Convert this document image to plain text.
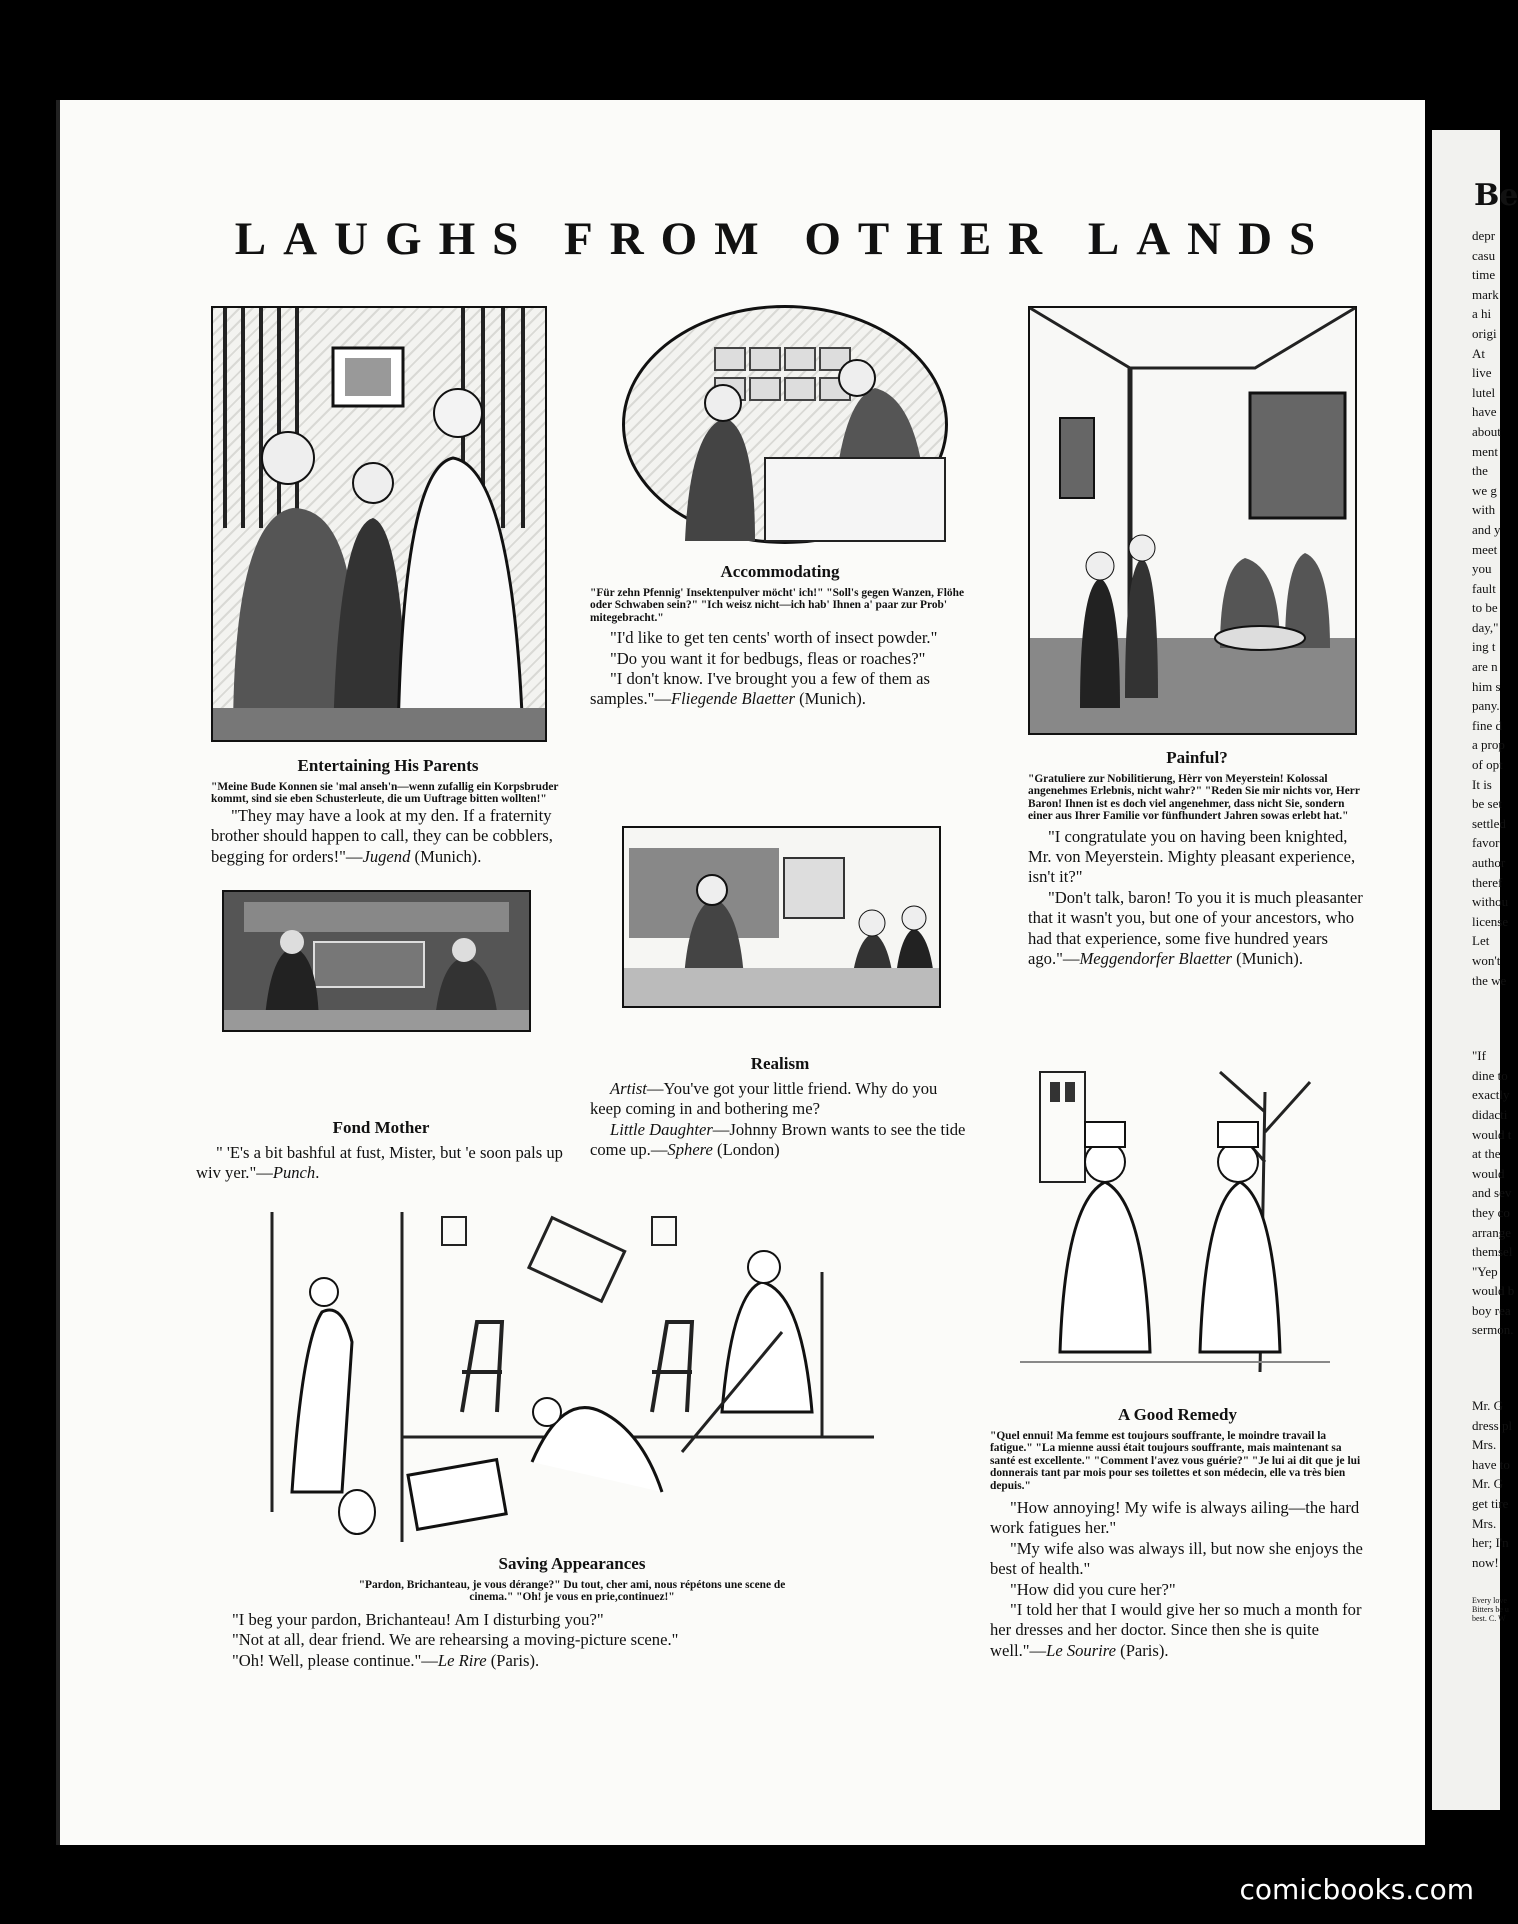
Be
depr
casu
time
mark
a hi
origi
At
live
lutel
have
about
ment
the
we g
with
and y
meet
you
fault
to be
day,"
ing t
are n
him s
pany.
fine d
a prop
of opt
It is
be set
settled
favor
author
theref
withou
license
Let
won't
the we
"If
dine to
exactly
didacti
would t
at the
would
and sev
they co
arrange
themsel
"Yep
would b
boy rea
sermon.
Mr. G
dress pl
Mrs.
have to
Mr. G
get tire
Mrs.
her; I'n
now!
Every love
Bitters be u
best. C. W
LAUGHS FROM OTHER LANDS
Entertaining His Parents
"Meine Bude Konnen sie 'mal anseh'n—wenn zufallig ein Korpsbruder kommt, sind sie eben Schusterleute, die um Uuftrage bitten wollten!"

"They may have a look at my den. If a fraternity brother should happen to call, they can be cobblers, begging for orders!"—Jugend (Munich).

Accommodating
"Für zehn Pfennig' Insektenpulver möcht' ich!" "Soll's gegen Wanzen, Flöhe oder Schwaben sein?" "Ich weisz nicht—ich hab' Ihnen a' paar zur Prob' mitegebracht."

"I'd like to get ten cents' worth of insect powder."

"Do you want it for bedbugs, fleas or roaches?"

"I don't know. I've brought you a few of them as samples."—Fliegende Blaetter (Munich).

Painful?
"Gratuliere zur Nobilitierung, Hèrr von Meyerstein! Kolossal angenehmes Erlebnis, nicht wahr?" "Reden Sie mir nichts vor, Herr Baron! Ihnen ist es doch viel angenehmer, dass nicht Sie, sondern einer aus Ihrer Familie vor fünfhundert Jahren sowas erlebt hat."

"I congratulate you on having been knighted, Mr. von Meyerstein. Mighty pleasant experience, isn't it?"

"Don't talk, baron! To you it is much pleasanter that it wasn't you, but one of your ancestors, who had that experience, some five hundred years ago."—Meggendorfer Blaetter (Munich).

Fond Mother

" 'E's a bit bashful at fust, Mister, but 'e soon pals up wiv yer."—Punch.

Realism

Artist—You've got your little friend. Why do you keep coming in and bothering me?

Little Daughter—Johnny Brown wants to see the tide come up.—Sphere (London)

A Good Remedy
"Quel ennui! Ma femme est toujours souffrante, le moindre travail la fatigue." "La mienne aussi était toujours souffrante, mais maintenant sa santé est excellente." "Comment l'avez vous guérie?" "Je lui ai dit que je lui donnerais tant par mois pour ses toilettes et son médecin, elle va très bien depuis."

"How annoying! My wife is always ailing—the hard work fatigues her."

"My wife also was always ill, but now she enjoys the best of health."

"How did you cure her?"

"I told her that I would give her so much a month for her dresses and her doctor. Since then she is quite well."—Le Sourire (Paris).

Saving Appearances
"Pardon, Brichanteau, je vous dérange?" Du tout, cher ami, nous répétons une scene de cinema." "Oh! je vous en prie,continuez!"

"I beg your pardon, Brichanteau! Am I disturbing you?"

"Not at all, dear friend. We are rehearsing a moving-picture scene."

"Oh! Well, please continue."—Le Rire (Paris).

comicbooks.com
